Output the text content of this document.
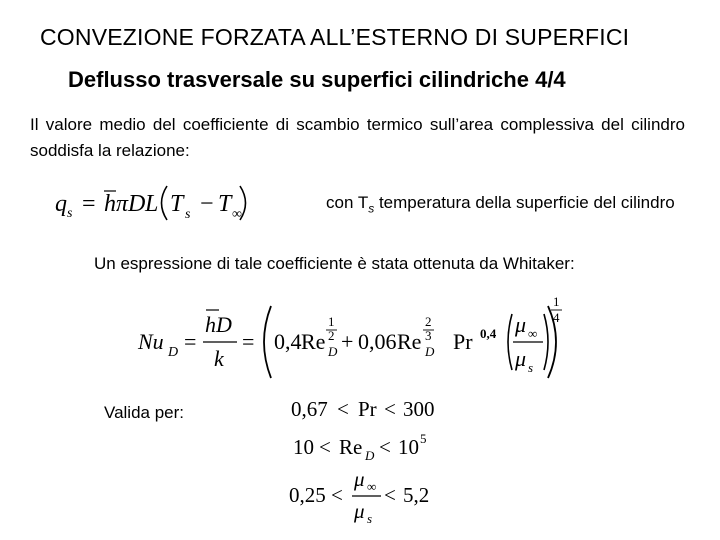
CONVEZIONE FORZATA ALL’ESTERNO DI SUPERFICI
Deflusso trasversale su superfici cilindriche 4/4
Il valore medio del coefficiente di scambio termico sull’area complessiva del cilindro soddisfa la relazione:
q s = h π D L T s − T ∞
con $T_s$ temperatura della superficie del cilindro
Un espressione di tale coefficiente è stata ottenuta da Whitaker:
Nu D =
hD
k
= 0,4 Re
1
2
D + 0,06 Re
2
3
D Pr 0,4 μ ∞
μ s
1
4
Valida per:	0,67 < Pr < 300
10 < Re D < 10 5
0,25 <
μ ∞
μ s
< 5,2
